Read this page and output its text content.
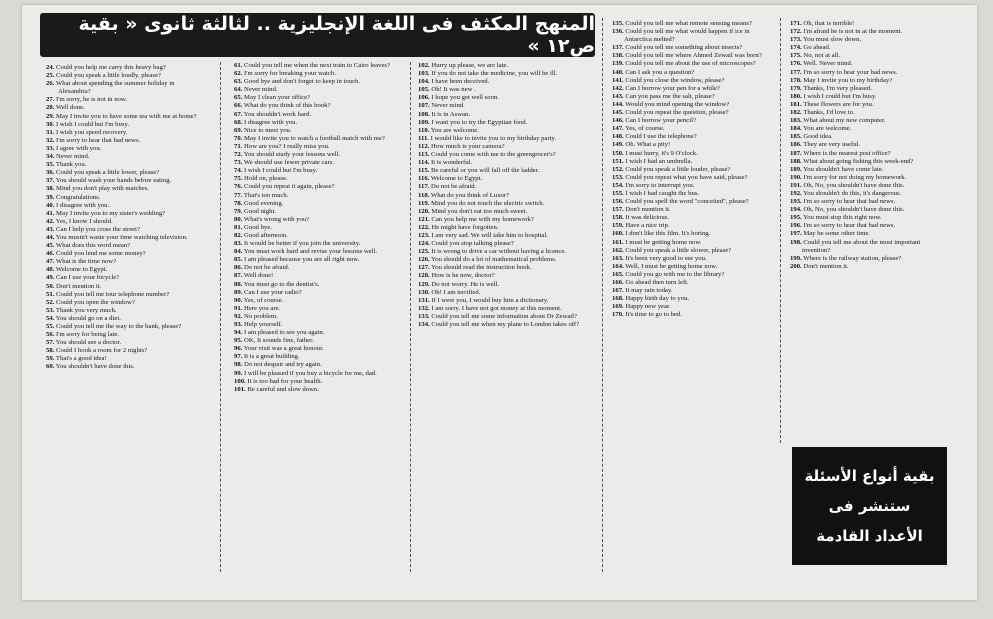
المنهج المكثف فى اللغة الإنجليزية .. لثالثة ثانوى « بقية ص١٢ »

24. Could you help me carry this heavy bag?

25. Could you speak a little loudly, please?

26. What about spending the summer holiday in Alexandria?

27. I'm sorry, he is not in now.

28. Well done.

29. May I invite you to have some tea with me at home?

30. I wish I could but I'm busy.

31. I wish you speed recovery.

32. I'm sorry to hear that bad news.

33. I agree with you.

34. Never mind.

35. Thank you.

36. Could you speak a little lower, please?

37. You should wash your hands before eating.

38. Mind you don't play with matches.

39. Congratulations.

40. I disagree with you.

41. May I invite you to my sister's wedding?

42. Yes, I know I should.

43. Can I help you cross the street?

44. You mustn't waste your time watching television.

45. What does this word mean?

46. Could you lend me some money?

47. What is the time now?

48. Welcome to Egypt.

49. Can I use your bicycle?

50. Don't mention it.

51. Could you tell me tour telephone number?

52. Could you open the window?

53. Thank you very much.

54. You should go on a diet.

55. Could you tell me the way to the bank, please?

56. I'm sorry for being late.

57. You should see a doctor.

58. Could I book a room for 2 nights?

59. That's a good idea!

60. You shouldn't have done this.

61. Could you tell me when the next train to Cairo leaves?

62. I'm sorry for breaking your watch.

63. Good bye and don't forget to keep in touch.

64. Never mind.

65. May I clean your office?

66. What do you think of this book?

67. You shouldn't work hard.

68. I disagree with you.

69. Nice to meet you.

70. May I invite you to watch a football match with me?

71. How are you? I really miss you.

72. You should study your lessons well.

73. We should use fewer private cars.

74. I wish I could but I'm busy.

75. Hold on, please.

76. Could you repeat it again, please?

77. That's too much.

78. Good evening.

79. Good night.

80. What's wrong with you?

81. Good bye.

82. Good afternoon.

83. It would be better if you join the university.

84. You must work hard and revise your lessons well.

85. I am pleased because you are all right now.

86. Do not be afraid.

87. Well done!

88. You must go to the dentist's.

89. Can I use your radio?

90. Yes, of course.

91. Here you are.

92. No problem.

93. Help yourself.

94. I am pleased to see you again.

95. OK, It sounds fine, father.

96. Your visit was a great honour.

97. It is a great building.

98. Do not despair and try again.

99. I will be pleased if you buy a bicycle for me, dad.

100. It is too bad for your health.

101. Be careful and slow down.

102. Hurry up please, we are late.

103. If you do not take the medicine, you will be ill.

104. I have been deceived.

105. Oh! It was new .

106. I hope you get well soon.

107. Never mind.

108. It is in Aswan.

109. I want you to try the Egyptian food.

110. You are welcome.

111. I would like to invite you to my birthday party.

112. How much is your camera?

113. Could you come with me to the greengrocer's?

114. It is wonderful.

115. Be careful or you will fall off the ladder.

116. Welcome to Egypt.

117. Do not be afraid.

118. What do you think of Luxor?

119. Mind you do not touch the electric switch.

120. Mind you don't eat too much sweet.

121. Can you help me with my homework?

122. He might have forgotten.

123. I am very sad. We will take him to hospital.

124. Could you stop talking please?

125. It is wrong to drive a car without having a licence.

126. You should do a lot of mathematical problems.

127. You should read the instruction book.

128. How is he now, doctor?

129. Do not worry. He is well.

130. Oh! I am terrified.

131. If I were you, I would buy him a dictionary.

132. I am sorry. I have not got money at this moment.

133. Could you tell me some information about Dr Zewail?

134. Could you tell me when my plane to London takes off?

135. Could you tell me what remote sensing means?

136. Could you tell me what would happen if ice in Antarctica melted?

137. Could you tell me something about insects?

138. Could you tell me where Ahmed Zewail was born?

139. Could you tell me about the use of microscopes?

140. Can I ask you a question?

141. Could you close the window, please?

142. Can I borrow your pen for a while?

143. Can you pass me the salt, please?

144. Would you mind opening the window?

145. Could you repeat the question, please?

146. Can I borrow your pencil?

147. Yes, of course.

148. Could I use the telephone?

149. Oh. What a pity!

150. I must hurry, it's 9 O'clock.

151. I wish I had an umbrella.

152. Could you speak a little louder, please?

153. Could you repeat what you have said, please?

154. I'm sorry to interrupt you.

155. I wish I had caught the bus.

156. Could you spell the word "conceited", please?

157. Don't mention it.

158. It was delicious.

159. Have a nice trip.

160. I don't like this film. It's boring.

161. I must be getting home now.

162. Could you speak a little slower, please?

163. It's been very good to see you.

164. Well, I must be getting home now.

165. Could you go with me to the library?

166. Go ahead then turn left.

167. It may rain today.

168. Happy birth day to you.

169. Happy new year.

170. It's time to go to bed.

171. Oh, that is terrible!

172. I'm afraid he is not in at the moment.

173. You must slow down.

174. Go ahead.

175. No, not at all.

176. Well. Never mind.

177. I'm so sorry to hear your bad news.

178. May I invite you to my birthday?

179. Thanks, I'm very pleased.

180. I wish I could but I'm busy.

181. These flowers are for you.

182. Thanks, I'd love to.

183. What about my new computer.

184. You are welcome.

185. Good idea.

186. They are very useful.

187. Where is the nearest post office?

188. What about going fishing this week-end?

189. You shouldn't have come late.

190. I'm sorry for not doing my homework.

191. Oh, No, you shouldn't have done this.

192. You shouldn't do this, it's dangerous.

193. I'm so sorry to hear that bad news.

194. Oh, No, you shouldn't have done this.

195. You must stop this right now.

196. I'm so sorry to hear that bad news.

197. May be some other time.

198. Could you tell me about the most important invention?

199. Where is the railway station, please?

200. Don't mention it.

بقية أنواع الأسئلة
ستنشر فى
الأعداد القادمة
